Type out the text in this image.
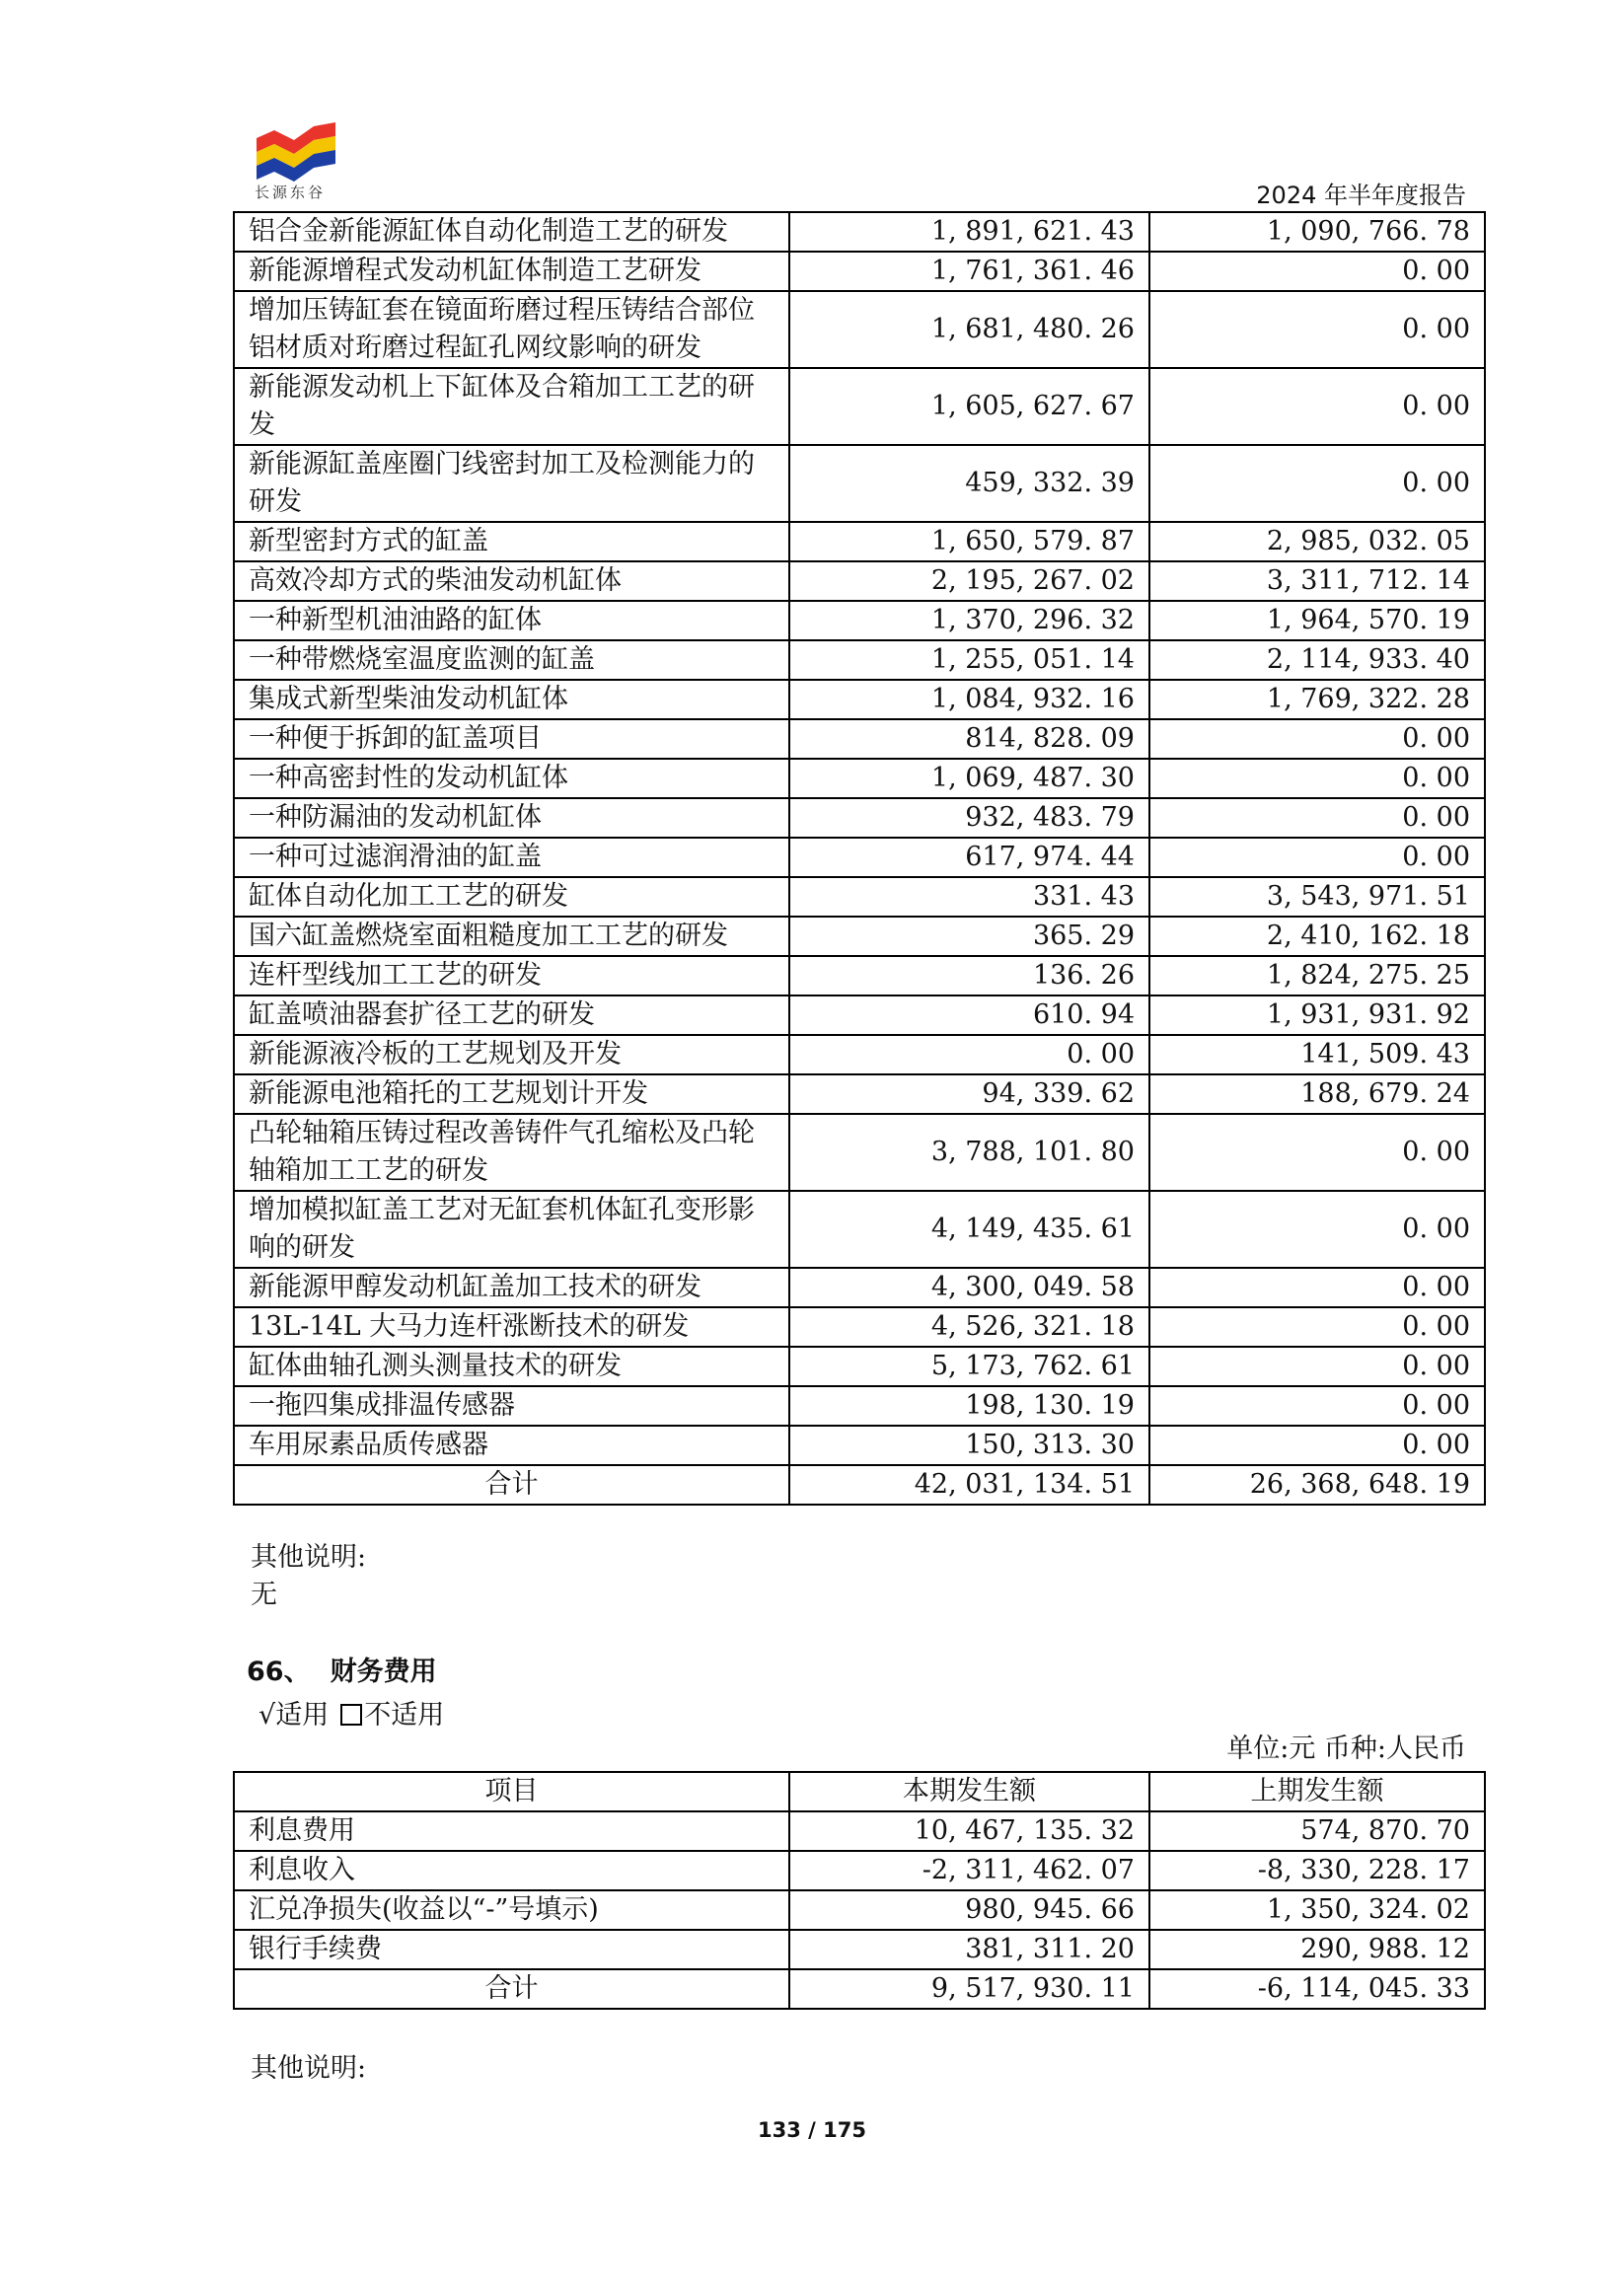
长源东谷	2024 年半年度报告
铝合金新能源缸体自动化制造工艺的研发	1, 891, 621. 43	1, 090, 766. 78
新能源增程式发动机缸体制造工艺研发	1, 761, 361. 46	0. 00
增加压铸缸套在镜面珩磨过程压铸结合部位铝材质对珩磨过程缸孔网纹影响的研发	1, 681, 480. 26	0. 00
新能源发动机上下缸体及合箱加工工艺的研发	1, 605, 627. 67	0. 00
新能源缸盖座圈门线密封加工及检测能力的研发	459, 332. 39	0. 00
新型密封方式的缸盖	1, 650, 579. 87	2, 985, 032. 05
高效冷却方式的柴油发动机缸体	2, 195, 267. 02	3, 311, 712. 14
一种新型机油油路的缸体	1, 370, 296. 32	1, 964, 570. 19
一种带燃烧室温度监测的缸盖	1, 255, 051. 14	2, 114, 933. 40
集成式新型柴油发动机缸体	1, 084, 932. 16	1, 769, 322. 28
一种便于拆卸的缸盖项目	814, 828. 09	0. 00
一种高密封性的发动机缸体	1, 069, 487. 30	0. 00
一种防漏油的发动机缸体	932, 483. 79	0. 00
一种可过滤润滑油的缸盖	617, 974. 44	0. 00
缸体自动化加工工艺的研发	331. 43	3, 543, 971. 51
国六缸盖燃烧室面粗糙度加工工艺的研发	365. 29	2, 410, 162. 18
连杆型线加工工艺的研发	136. 26	1, 824, 275. 25
缸盖喷油器套扩径工艺的研发	610. 94	1, 931, 931. 92
新能源液冷板的工艺规划及开发	0. 00	141, 509. 43
新能源电池箱托的工艺规划计开发	94, 339. 62	188, 679. 24
凸轮轴箱压铸过程改善铸件气孔缩松及凸轮轴箱加工工艺的研发	3, 788, 101. 80	0. 00
增加模拟缸盖工艺对无缸套机体缸孔变形影响的研发	4, 149, 435. 61	0. 00
新能源甲醇发动机缸盖加工技术的研发	4, 300, 049. 58	0. 00
13L-14L 大马力连杆涨断技术的研发	4, 526, 321. 18	0. 00
缸体曲轴孔测头测量技术的研发	5, 173, 762. 61	0. 00
一拖四集成排温传感器	198, 130. 19	0. 00
车用尿素品质传感器	150, 313. 30	0. 00
合计	42, 031, 134. 51	26, 368, 648. 19
其他说明:
无
66、 财务费用
√适用 不适用
单位:元 币种:人民币
项目	本期发生额	上期发生额
利息费用	10, 467, 135. 32	574, 870. 70
利息收入	-2, 311, 462. 07	-8, 330, 228. 17
汇兑净损失(收益以“-”号填示)	980, 945. 66	1, 350, 324. 02
银行手续费	381, 311. 20	290, 988. 12
合计	9, 517, 930. 11	-6, 114, 045. 33
其他说明:
133 / 175
